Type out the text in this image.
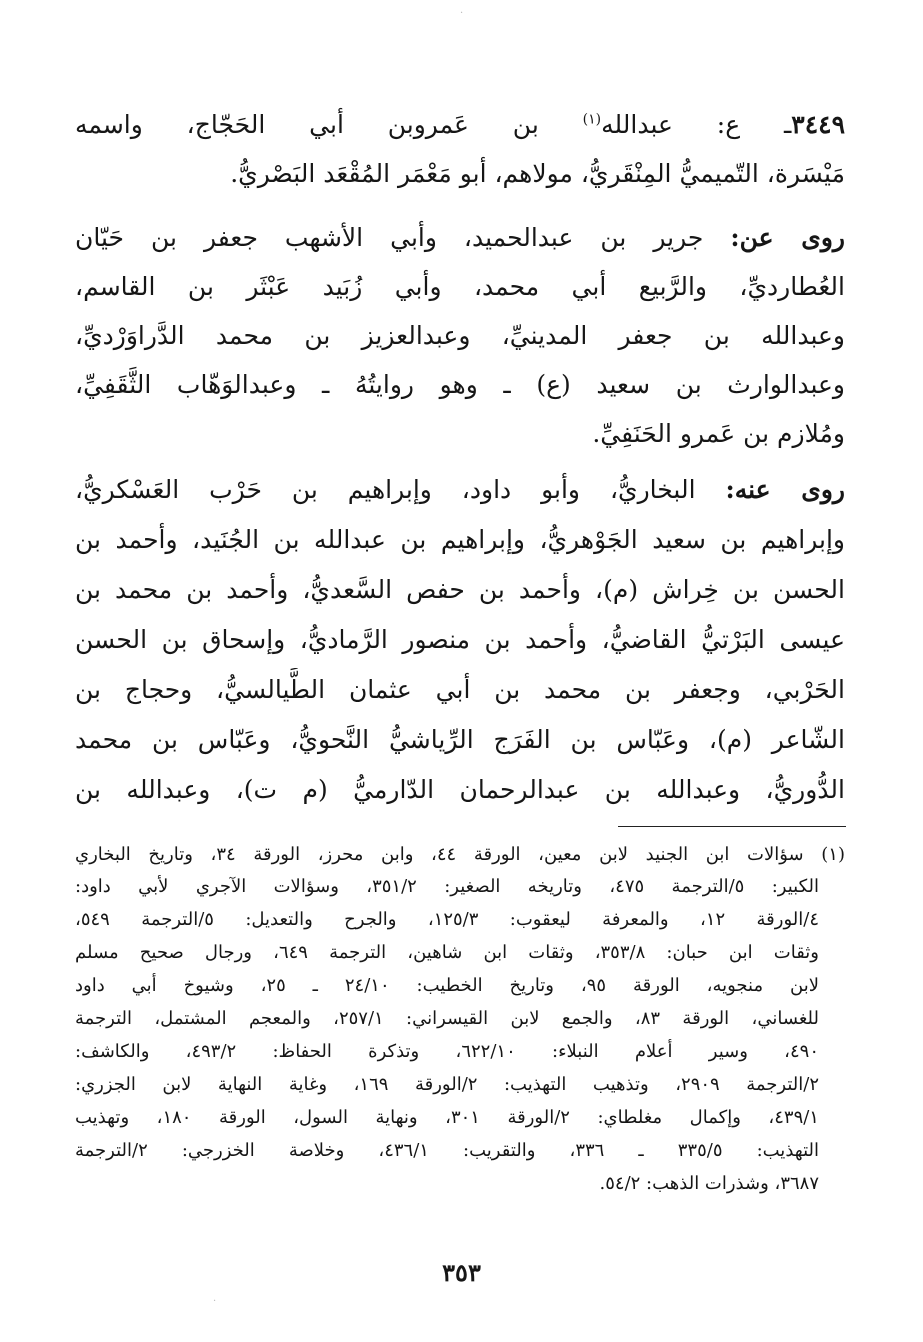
·
٣٤٤٩ـ ع: عبدالله$^{(١)}$ بن عَمروبن أبي الحَجّاج، واسمه
مَيْسَرة، التّميميُّ المِنْقَريُّ، مولاهم، أبو مَعْمَر المُقْعَد البَصْريُّ.
روى عن: جرير بن عبدالحميد، وأبي الأشهب جعفر بن حَيّان
العُطارديِّ، والرَّبيع أبي محمد، وأبي زُبَيد عَبْثَر بن القاسم،
وعبدالله بن جعفر المدينيِّ، وعبدالعزيز بن محمد الدَّراوَرْديِّ،
وعبدالوارث بن سعيد (ع) ـ وهو روايتُهُ ـ وعبدالوَهّاب الثَّقَفِيِّ،
ومُلازم بن عَمرو الحَنَفِيِّ.
روى عنه: البخاريُّ، وأبو داود، وإبراهيم بن حَرْب العَسْكريُّ،
وإبراهيم بن سعيد الجَوْهريُّ، وإبراهيم بن عبدالله بن الجُنَيد، وأحمد بن
الحسن بن خِراش (م)، وأحمد بن حفص السَّعديُّ، وأحمد بن محمد بن
عيسى البَرْتيُّ القاضيُّ، وأحمد بن منصور الرَّماديُّ، وإسحاق بن الحسن
الحَرْبي، وجعفر بن محمد بن أبي عثمان الطَّيالسيُّ، وحجاج بن
الشّاعر (م)، وعَبّاس بن الفَرَج الرِّياشيُّ النَّحويُّ، وعَبّاس بن محمد
الدُّوريُّ، وعبدالله بن عبدالرحمان الدّارميُّ (م ت)، وعبدالله بن
(١) سؤالات ابن الجنيد لابن معين، الورقة ٤٤، وابن محرز، الورقة ٣٤، وتاريخ البخاري
الكبير: ٥/الترجمة ٤٧٥، وتاريخه الصغير: ٣٥١/٢، وسؤالات الآجري لأبي داود:
٤/الورقة ١٢، والمعرفة ليعقوب: ١٢٥/٣، والجرح والتعديل: ٥/الترجمة ٥٤٩،
وثقات ابن حبان: ٣٥٣/٨، وثقات ابن شاهين، الترجمة ٦٤٩، ورجال صحيح مسلم
لابن منجويه، الورقة ٩٥، وتاريخ الخطيب: ٢٤/١٠ ـ ٢٥، وشيوخ أبي داود
للغساني، الورقة ٨٣، والجمع لابن القيسراني: ٢٥٧/١، والمعجم المشتمل، الترجمة
٤٩٠، وسير أعلام النبلاء: ٦٢٢/١٠، وتذكرة الحفاظ: ٤٩٣/٢، والكاشف:
٢/الترجمة ٢٩٠٩، وتذهيب التهذيب: ٢/الورقة ١٦٩، وغاية النهاية لابن الجزري:
٤٣٩/١، وإكمال مغلطاي: ٢/الورقة ٣٠١، ونهاية السول، الورقة ١٨٠، وتهذيب
التهذيب: ٣٣٥/٥ ـ ٣٣٦، والتقريب: ٤٣٦/١، وخلاصة الخزرجي: ٢/الترجمة
٣٦٨٧، وشذرات الذهب: ٥٤/٢.
٣٥٣
·
